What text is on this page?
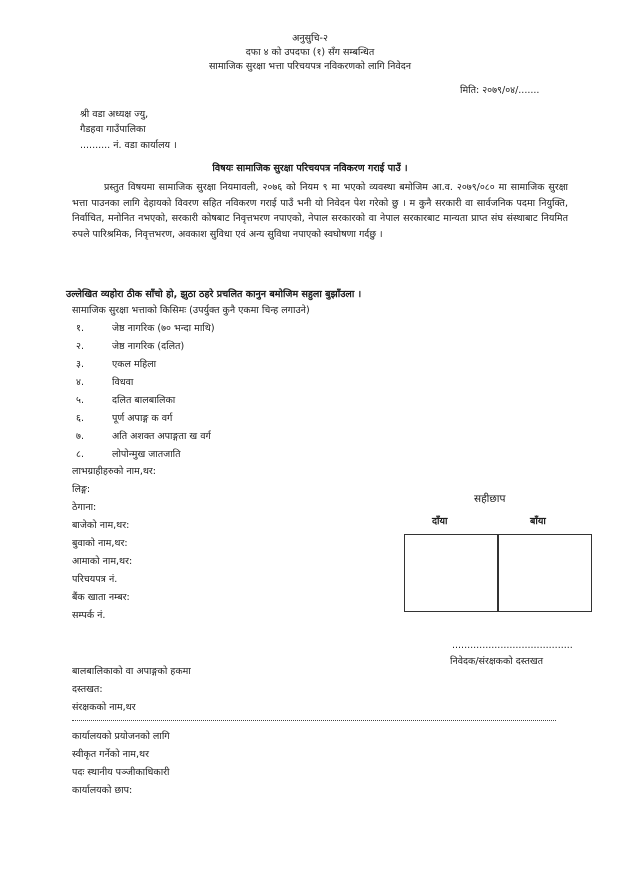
अनुसुचि-२
दफा ४ को उपदफा (१) सँग सम्बन्धित
सामाजिक सुरक्षा भत्ता परिचयपत्र नविकरणको लागि निवेदन
मिति: २०७९/०४/.......
श्री वडा अध्यक्ष ज्यु,
गैडहवा गाउँपालिका
.......... नं. वडा कार्यालय ।
विषयः सामाजिक सुरक्षा परिचयपत्र नविकरण गराई पाउँ ।
प्रस्तुत विषयमा सामाजिक सुरक्षा नियमावली, २०७६ को नियम ९ मा भएको व्यवस्था बमोजिम आ.व. २०७९/०८० मा सामाजिक सुरक्षा भत्ता पाउनका लागि देहायको विवरण सहित नविकरण गराई पाउँ भनी यो निवेदन पेश गरेको छु । म कुनै सरकारी वा सार्वजनिक पदमा नियुक्ति, निर्वाचित, मनोनित नभएको, सरकारी कोषबाट निवृत्तभरण नपाएको, नेपाल सरकारको वा नेपाल सरकारबाट मान्यता प्राप्त संघ संस्थाबाट नियमित रुपले पारिश्रमिक, निवृत्तभरण, अवकाश सुविधा एवं अन्य सुविधा नपाएको स्वघोषणा गर्दछु ।
उल्लेखित व्यहोरा ठीक साँचो हो, झुठा ठहरे प्रचलित कानुन बमोजिम सहुला बुझाँउला ।
सामाजिक सुरक्षा भत्ताको किसिमः (उपर्युक्त कुनै एकमा चिन्ह लगाउने)
१.	जेष्ठ नागरिक (७० भन्दा माथि)
२.	जेष्ठ नागरिक (दलित)
३.	एकल महिला
४.	विधवा
५.	दलित बालबालिका
६.	पूर्ण अपाङ्ग क वर्ग
७.	अति अशक्त अपाङ्गता ख वर्ग
८.	लोपोन्मुख जातजाति
लाभग्राहीहरुको नाम,थर:
लिङ्ग:
ठेगाना:
बाजेको नाम,थर:
बुवाको नाम,थर:
आमाको नाम,थर:
परिचयपत्र नं.
बैंक खाता नम्बर:
सम्पर्क नं.
सहीछाप
दाँया	बाँया
........................................
निवेदक/संरक्षकको दस्तखत
बालबालिकाको वा अपाङ्गको हकमा
दस्तखत:
संरक्षकको नाम,थर
कार्यालयको प्रयोजनको लागि
स्वीकृत गर्नेको नाम,थर
पदः स्थानीय पञ्जीकाधिकारी
कार्यालयको छाप:
